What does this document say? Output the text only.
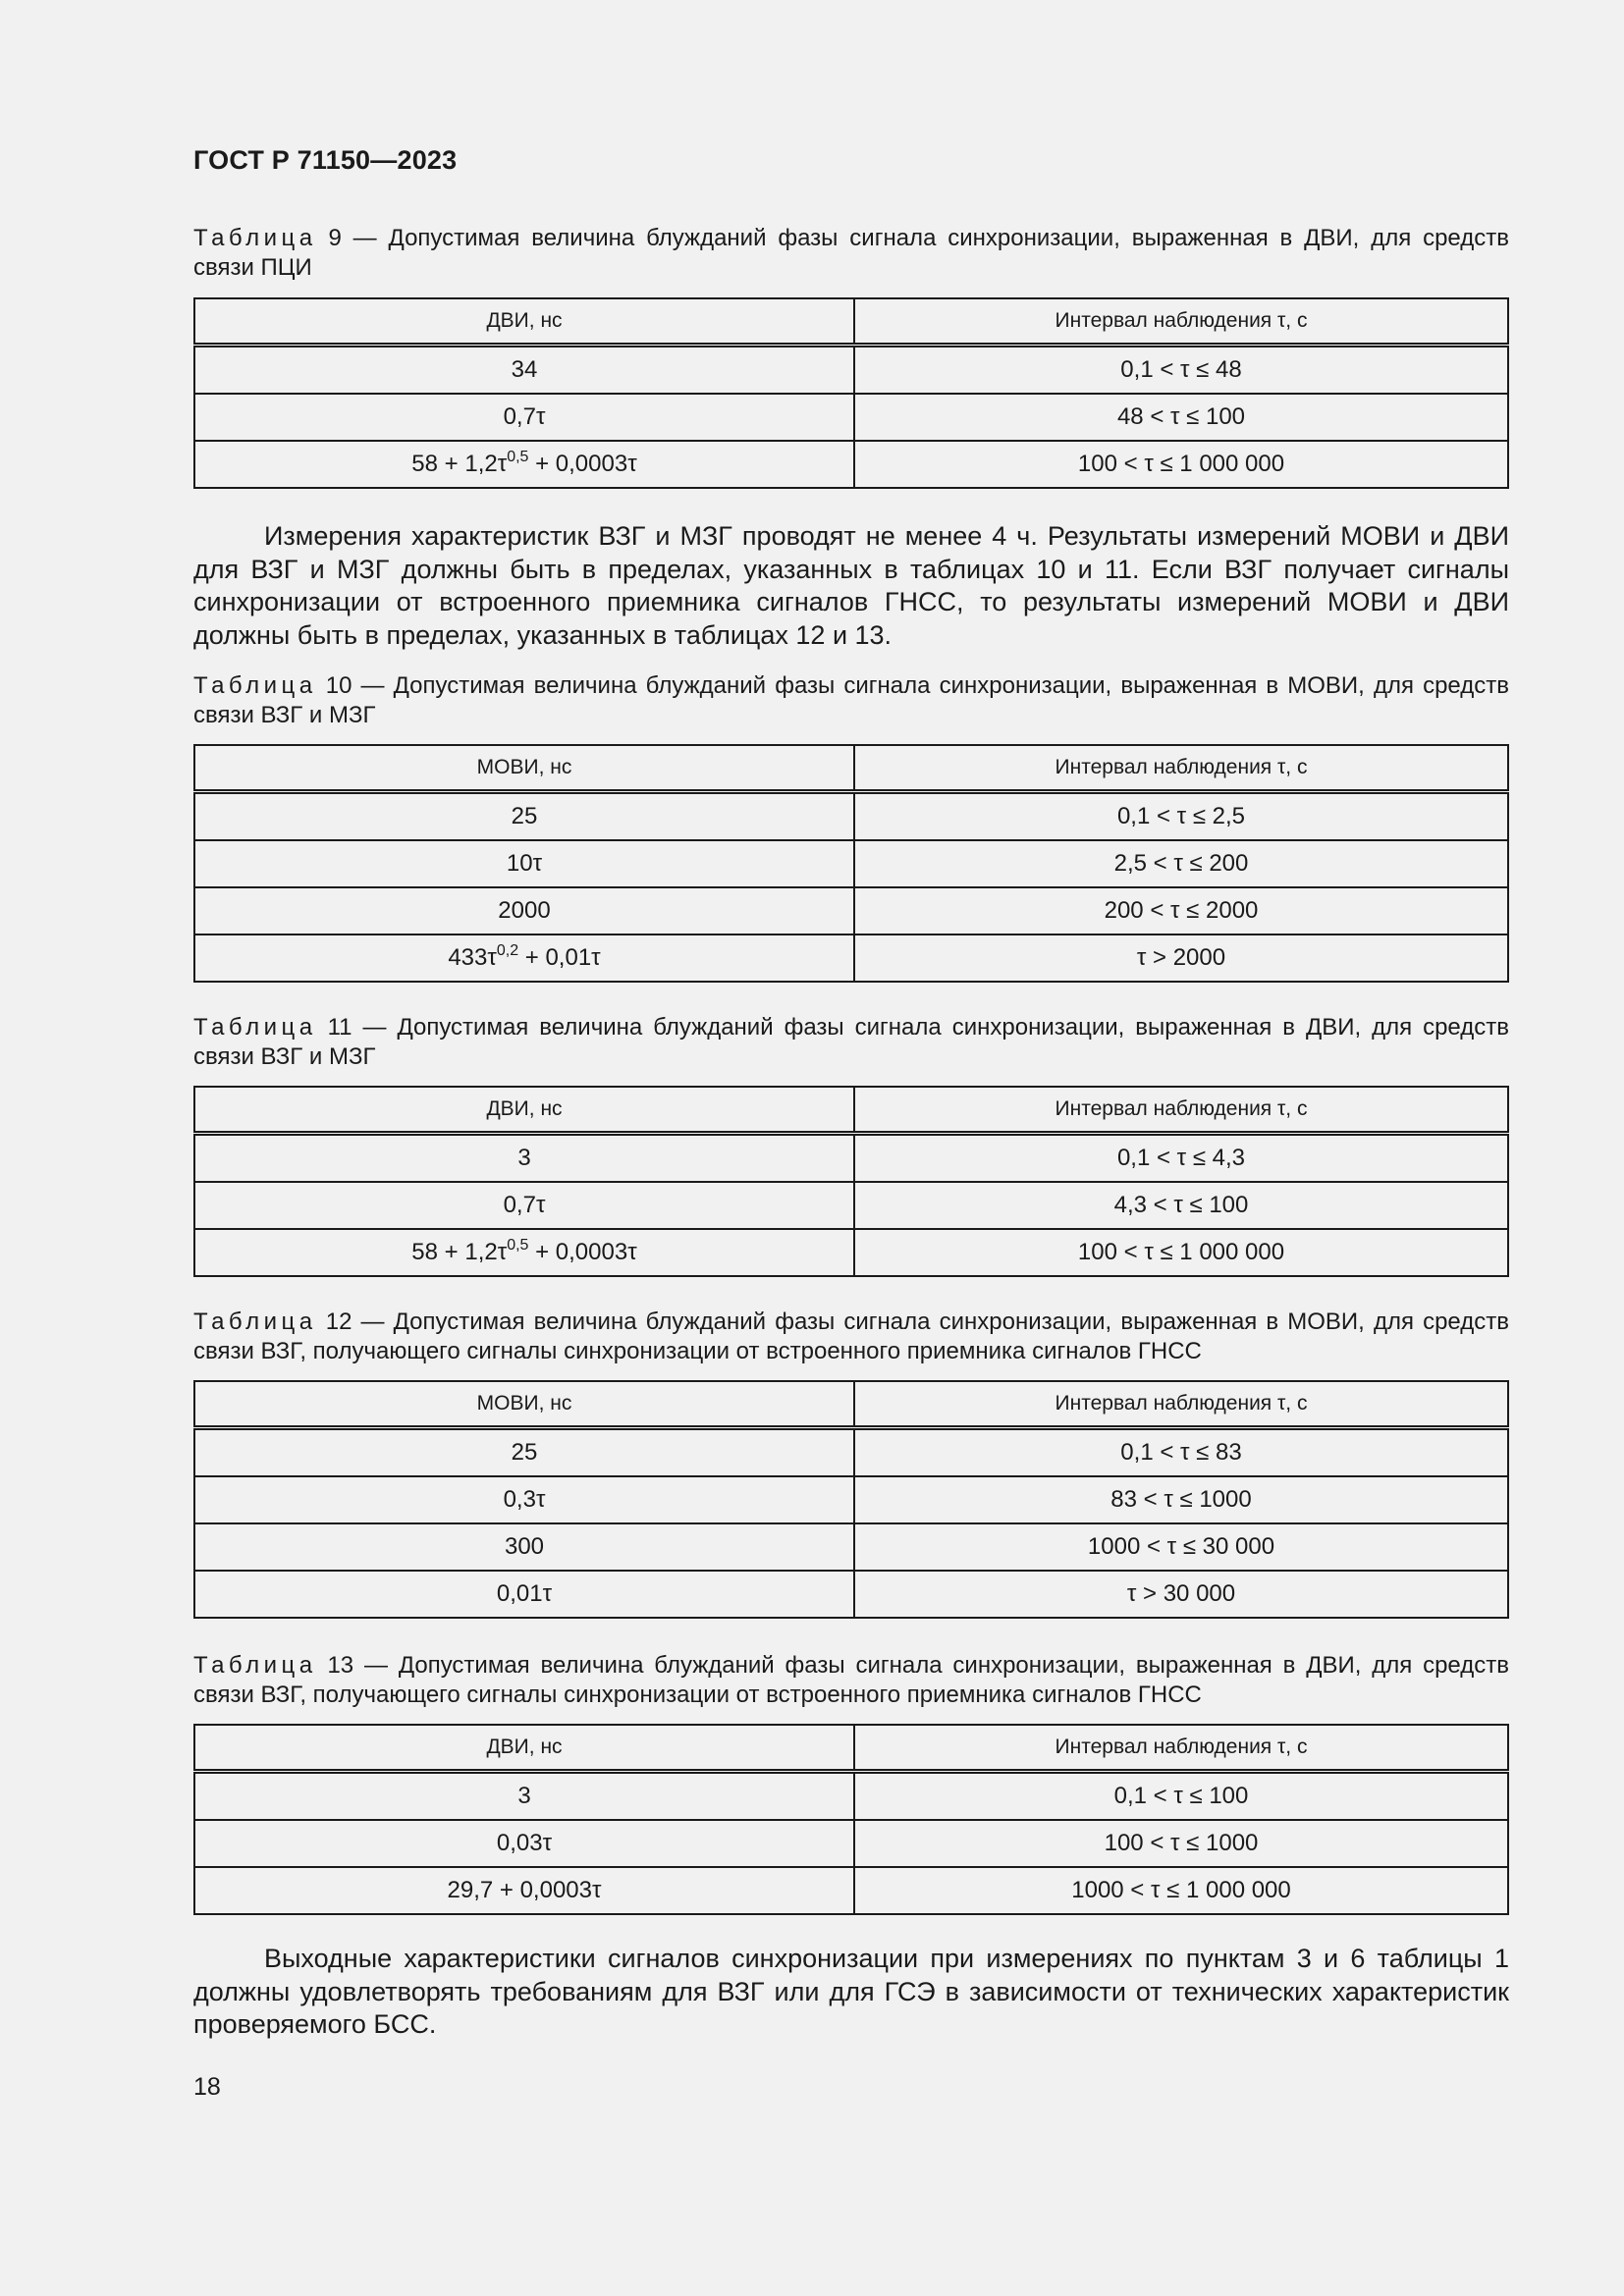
ГОСТ Р 71150—2023
Таблица 9 — Допустимая величина блужданий фазы сигнала синхронизации, выраженная в ДВИ, для средств связи ПЦИ
ДВИ, нс	Интервал наблюдения τ, с
34	0,1 < τ ≤ 48
0,7τ	48 < τ ≤ 100
$58 + 1,2\tau^{0,5} + 0,0003\tau$	100 < τ ≤ 1 000 000
Измерения характеристик ВЗГ и МЗГ проводят не менее 4 ч. Результаты измерений МОВИ и ДВИ для ВЗГ и МЗГ должны быть в пределах, указанных в таблицах 10 и 11. Если ВЗГ получает сигналы синхронизации от встроенного приемника сигналов ГНСС, то результаты измерений МОВИ и ДВИ должны быть в пределах, указанных в таблицах 12 и 13.
Таблица 10 — Допустимая величина блужданий фазы сигнала синхронизации, выраженная в МОВИ, для средств связи ВЗГ и МЗГ
МОВИ, нс	Интервал наблюдения τ, с
25	0,1 < τ ≤ 2,5
10τ	2,5 < τ ≤ 200
2000	200 < τ ≤ 2000
$433\tau^{0,2} + 0,01\tau$	τ > 2000
Таблица 11 — Допустимая величина блужданий фазы сигнала синхронизации, выраженная в ДВИ, для средств связи ВЗГ и МЗГ
ДВИ, нс	Интервал наблюдения τ, с
3	0,1 < τ ≤ 4,3
0,7τ	4,3 < τ ≤ 100
$58 + 1,2\tau^{0,5} + 0,0003\tau$	100 < τ ≤ 1 000 000
Таблица 12 — Допустимая величина блужданий фазы сигнала синхронизации, выраженная в МОВИ, для средств связи ВЗГ, получающего сигналы синхронизации от встроенного приемника сигналов ГНСС
МОВИ, нс	Интервал наблюдения τ, с
25	0,1 < τ ≤ 83
0,3τ	83 < τ ≤ 1000
300	1000 < τ ≤ 30 000
0,01τ	τ > 30 000
Таблица 13 — Допустимая величина блужданий фазы сигнала синхронизации, выраженная в ДВИ, для средств связи ВЗГ, получающего сигналы синхронизации от встроенного приемника сигналов ГНСС
ДВИ, нс	Интервал наблюдения τ, с
3	0,1 < τ ≤ 100
0,03τ	100 < τ ≤ 1000
29,7 + 0,0003τ	1000 < τ ≤ 1 000 000
Выходные характеристики сигналов синхронизации при измерениях по пунктам 3 и 6 таблицы 1 должны удовлетворять требованиям для ВЗГ или для ГСЭ в зависимости от технических характеристик проверяемого БСС.
18
